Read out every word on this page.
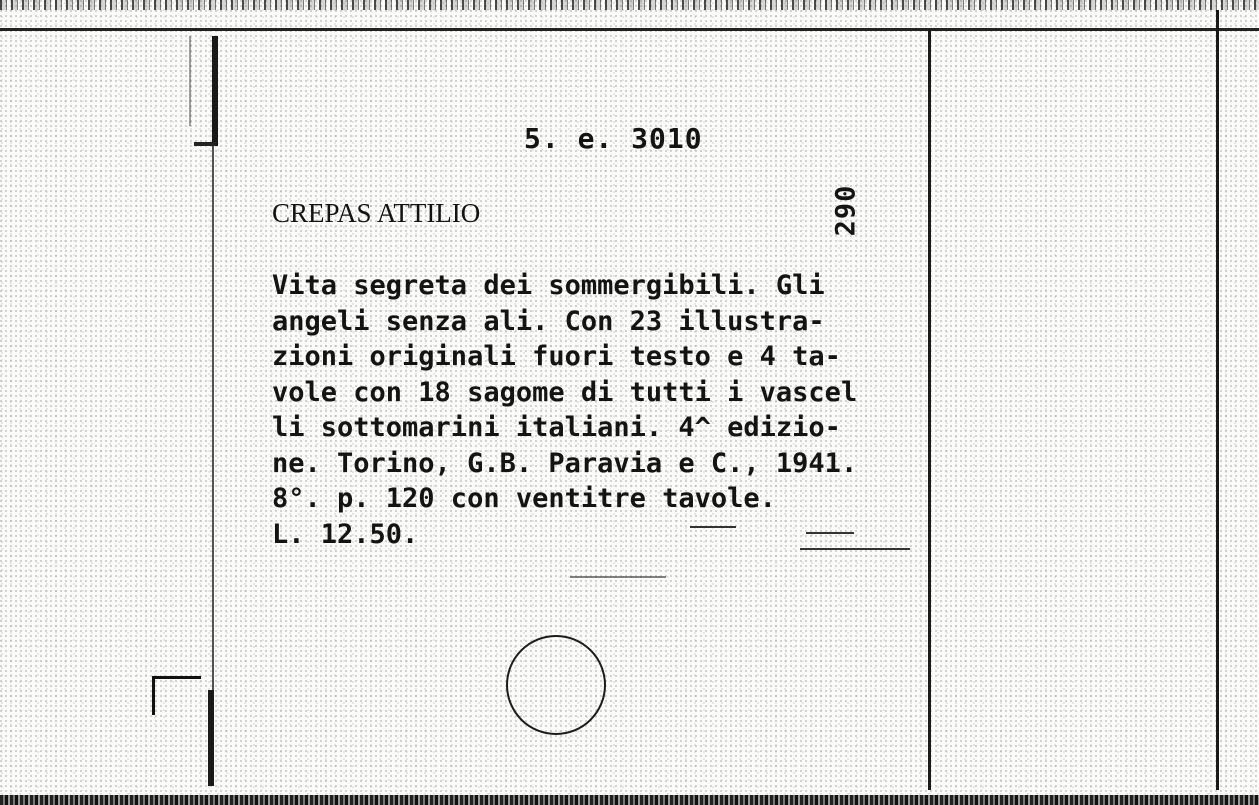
5. e. 3010
CREPAS ATTILIO	290
Vita segreta dei sommergibili. Gli
angeli senza ali. Con 23 illustra-
zioni originali fuori testo e 4 ta-
vole con 18 sagome di tutti i vascel
li sottomarini italiani. 4^ edizio-
ne. Torino, G.B. Paravia e C., 1941.
8°. p. 120 con ventitre tavole.
L. 12.50.
